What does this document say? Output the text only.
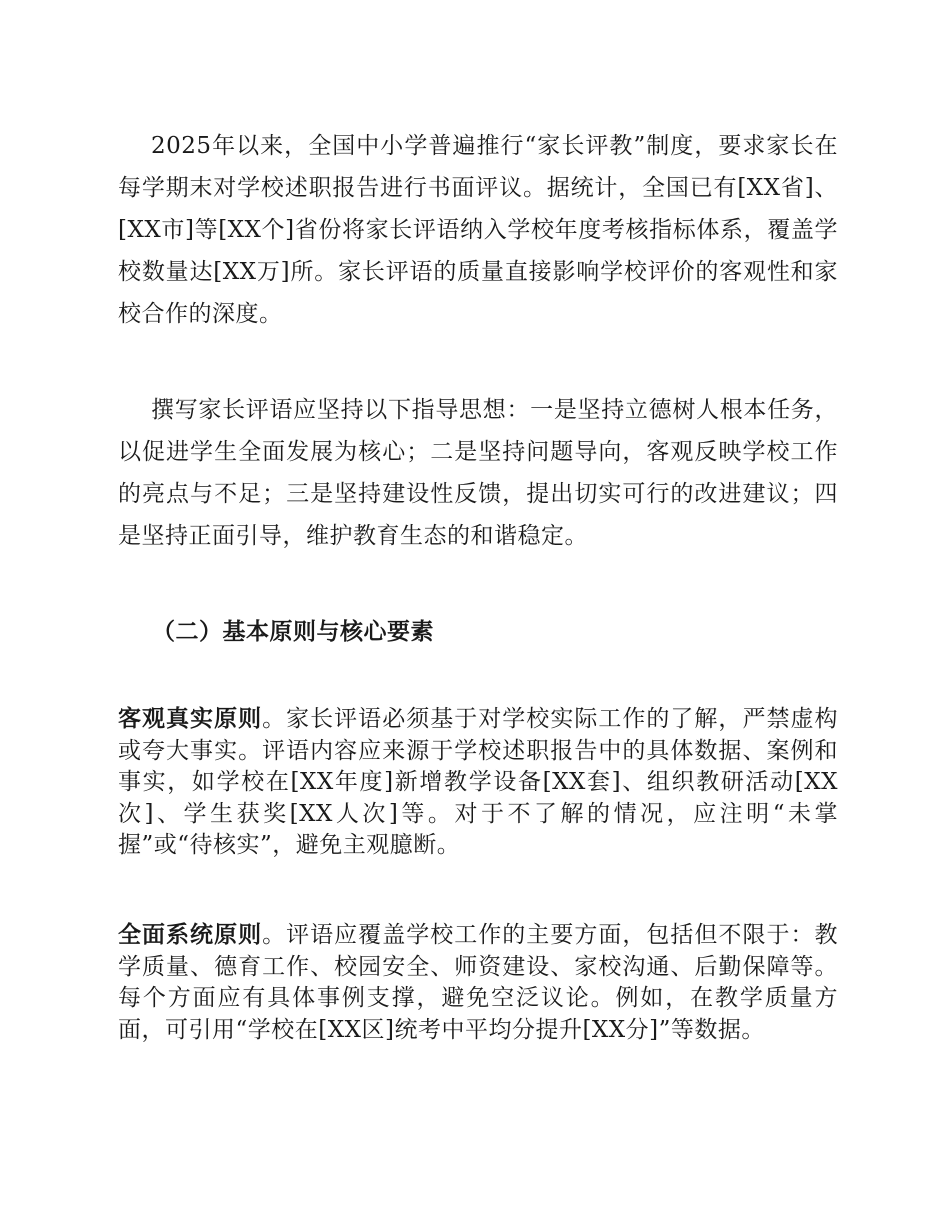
2025年以来，全国中小学普遍推行“家长评教”制度，要求家长在每学期末对学校述职报告进行书面评议。据统计，全国已有[XX省]、[XX市]等[XX个]省份将家长评语纳入学校年度考核指标体系，覆盖学校数量达[XX万]所。家长评语的质量直接影响学校评价的客观性和家校合作的深度。

撰写家长评语应坚持以下指导思想：一是坚持立德树人根本任务，以促进学生全面发展为核心；二是坚持问题导向，客观反映学校工作的亮点与不足；三是坚持建设性反馈，提出切实可行的改进建议；四是坚持正面引导，维护教育生态的和谐稳定。

（二）基本原则与核心要素

客观真实原则。家长评语必须基于对学校实际工作的了解，严禁虚构或夸大事实。评语内容应来源于学校述职报告中的具体数据、案例和事实，如学校在[XX年度]新增教学设备[XX套]、组织教研活动[XX次]、学生获奖[XX人次]等。对于不了解的情况，应注明“未掌握”或“待核实”，避免主观臆断。

全面系统原则。评语应覆盖学校工作的主要方面，包括但不限于：教学质量、德育工作、校园安全、师资建设、家校沟通、后勤保障等。每个方面应有具体事例支撑，避免空泛议论。例如，在教学质量方面，可引用“学校在[XX区]统考中平均分提升[XX分]”等数据。
